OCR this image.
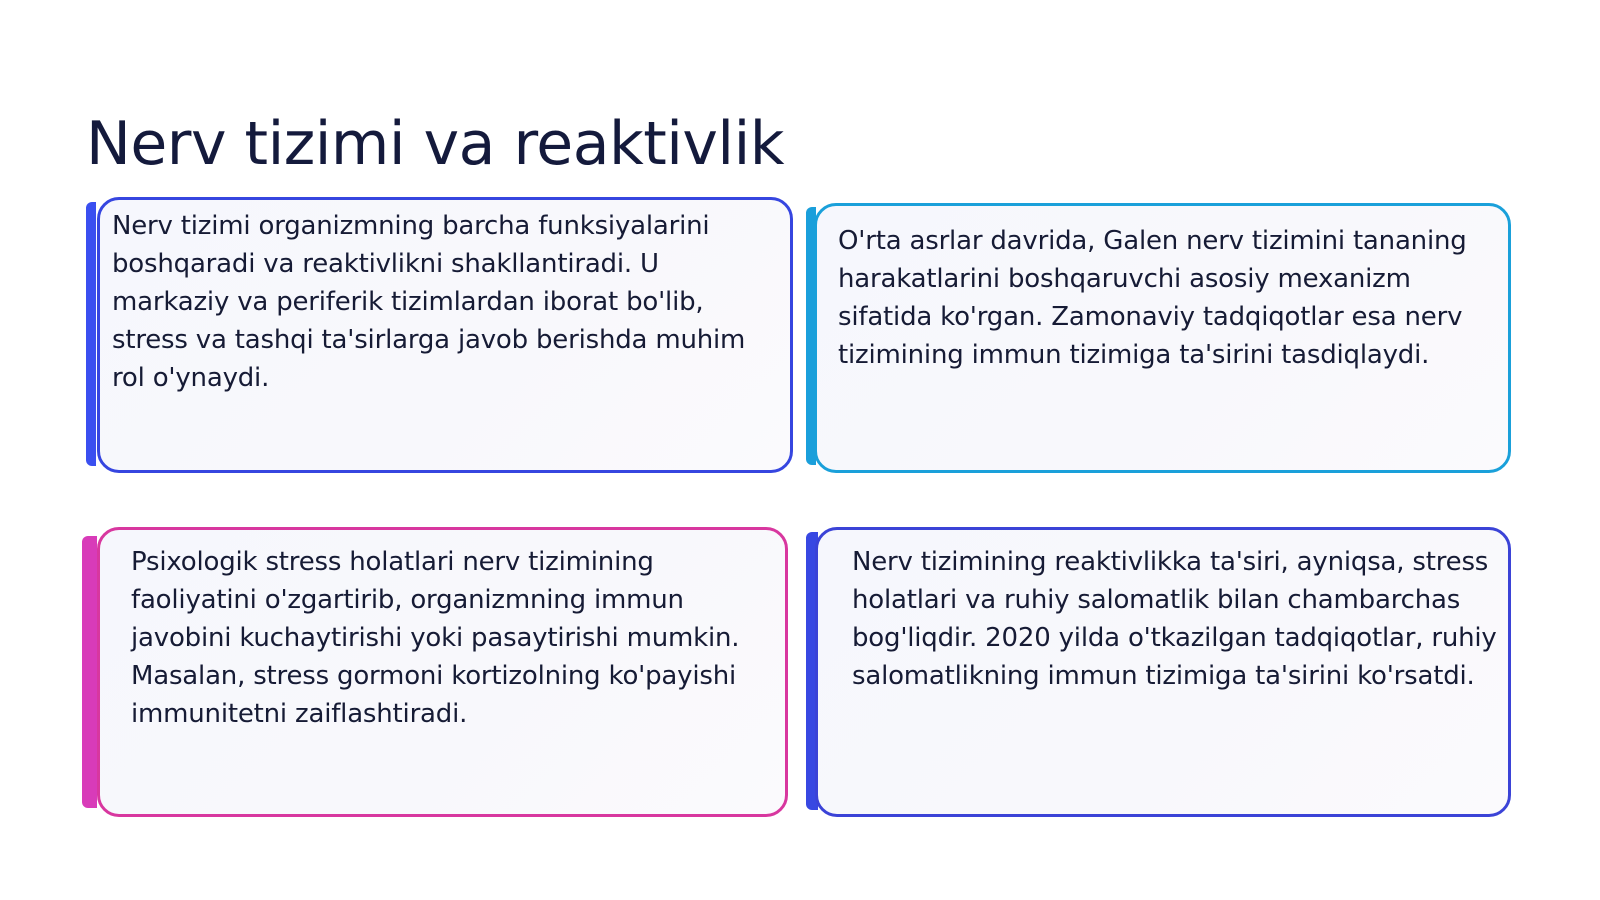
Nerv tizimi va reaktivlik

Nerv tizimi organizmning barcha funksiyalarini boshqaradi va reaktivlikni shakllantiradi. U markaziy va periferik tizimlardan iborat bo'lib, stress va tashqi ta'sirlarga javob berishda muhim rol o'ynaydi.

O'rta asrlar davrida, Galen nerv tizimini tananing harakatlarini boshqaruvchi asosiy mexanizm sifatida ko'rgan. Zamonaviy tadqiqotlar esa nerv tizimining immun tizimiga ta'sirini tasdiqlaydi.

Psixologik stress holatlari nerv tizimining faoliyatini o'zgartirib, organizmning immun javobini kuchaytirishi yoki pasaytirishi mumkin. Masalan, stress gormoni kortizolning ko'payishi immunitetni zaiflashtiradi.

Nerv tizimining reaktivlikka ta'siri, ayniqsa, stress holatlari va ruhiy salomatlik bilan chambarchas bog'liqdir. 2020 yilda o'tkazilgan tadqiqotlar, ruhiy salomatlikning immun tizimiga ta'sirini ko'rsatdi.
